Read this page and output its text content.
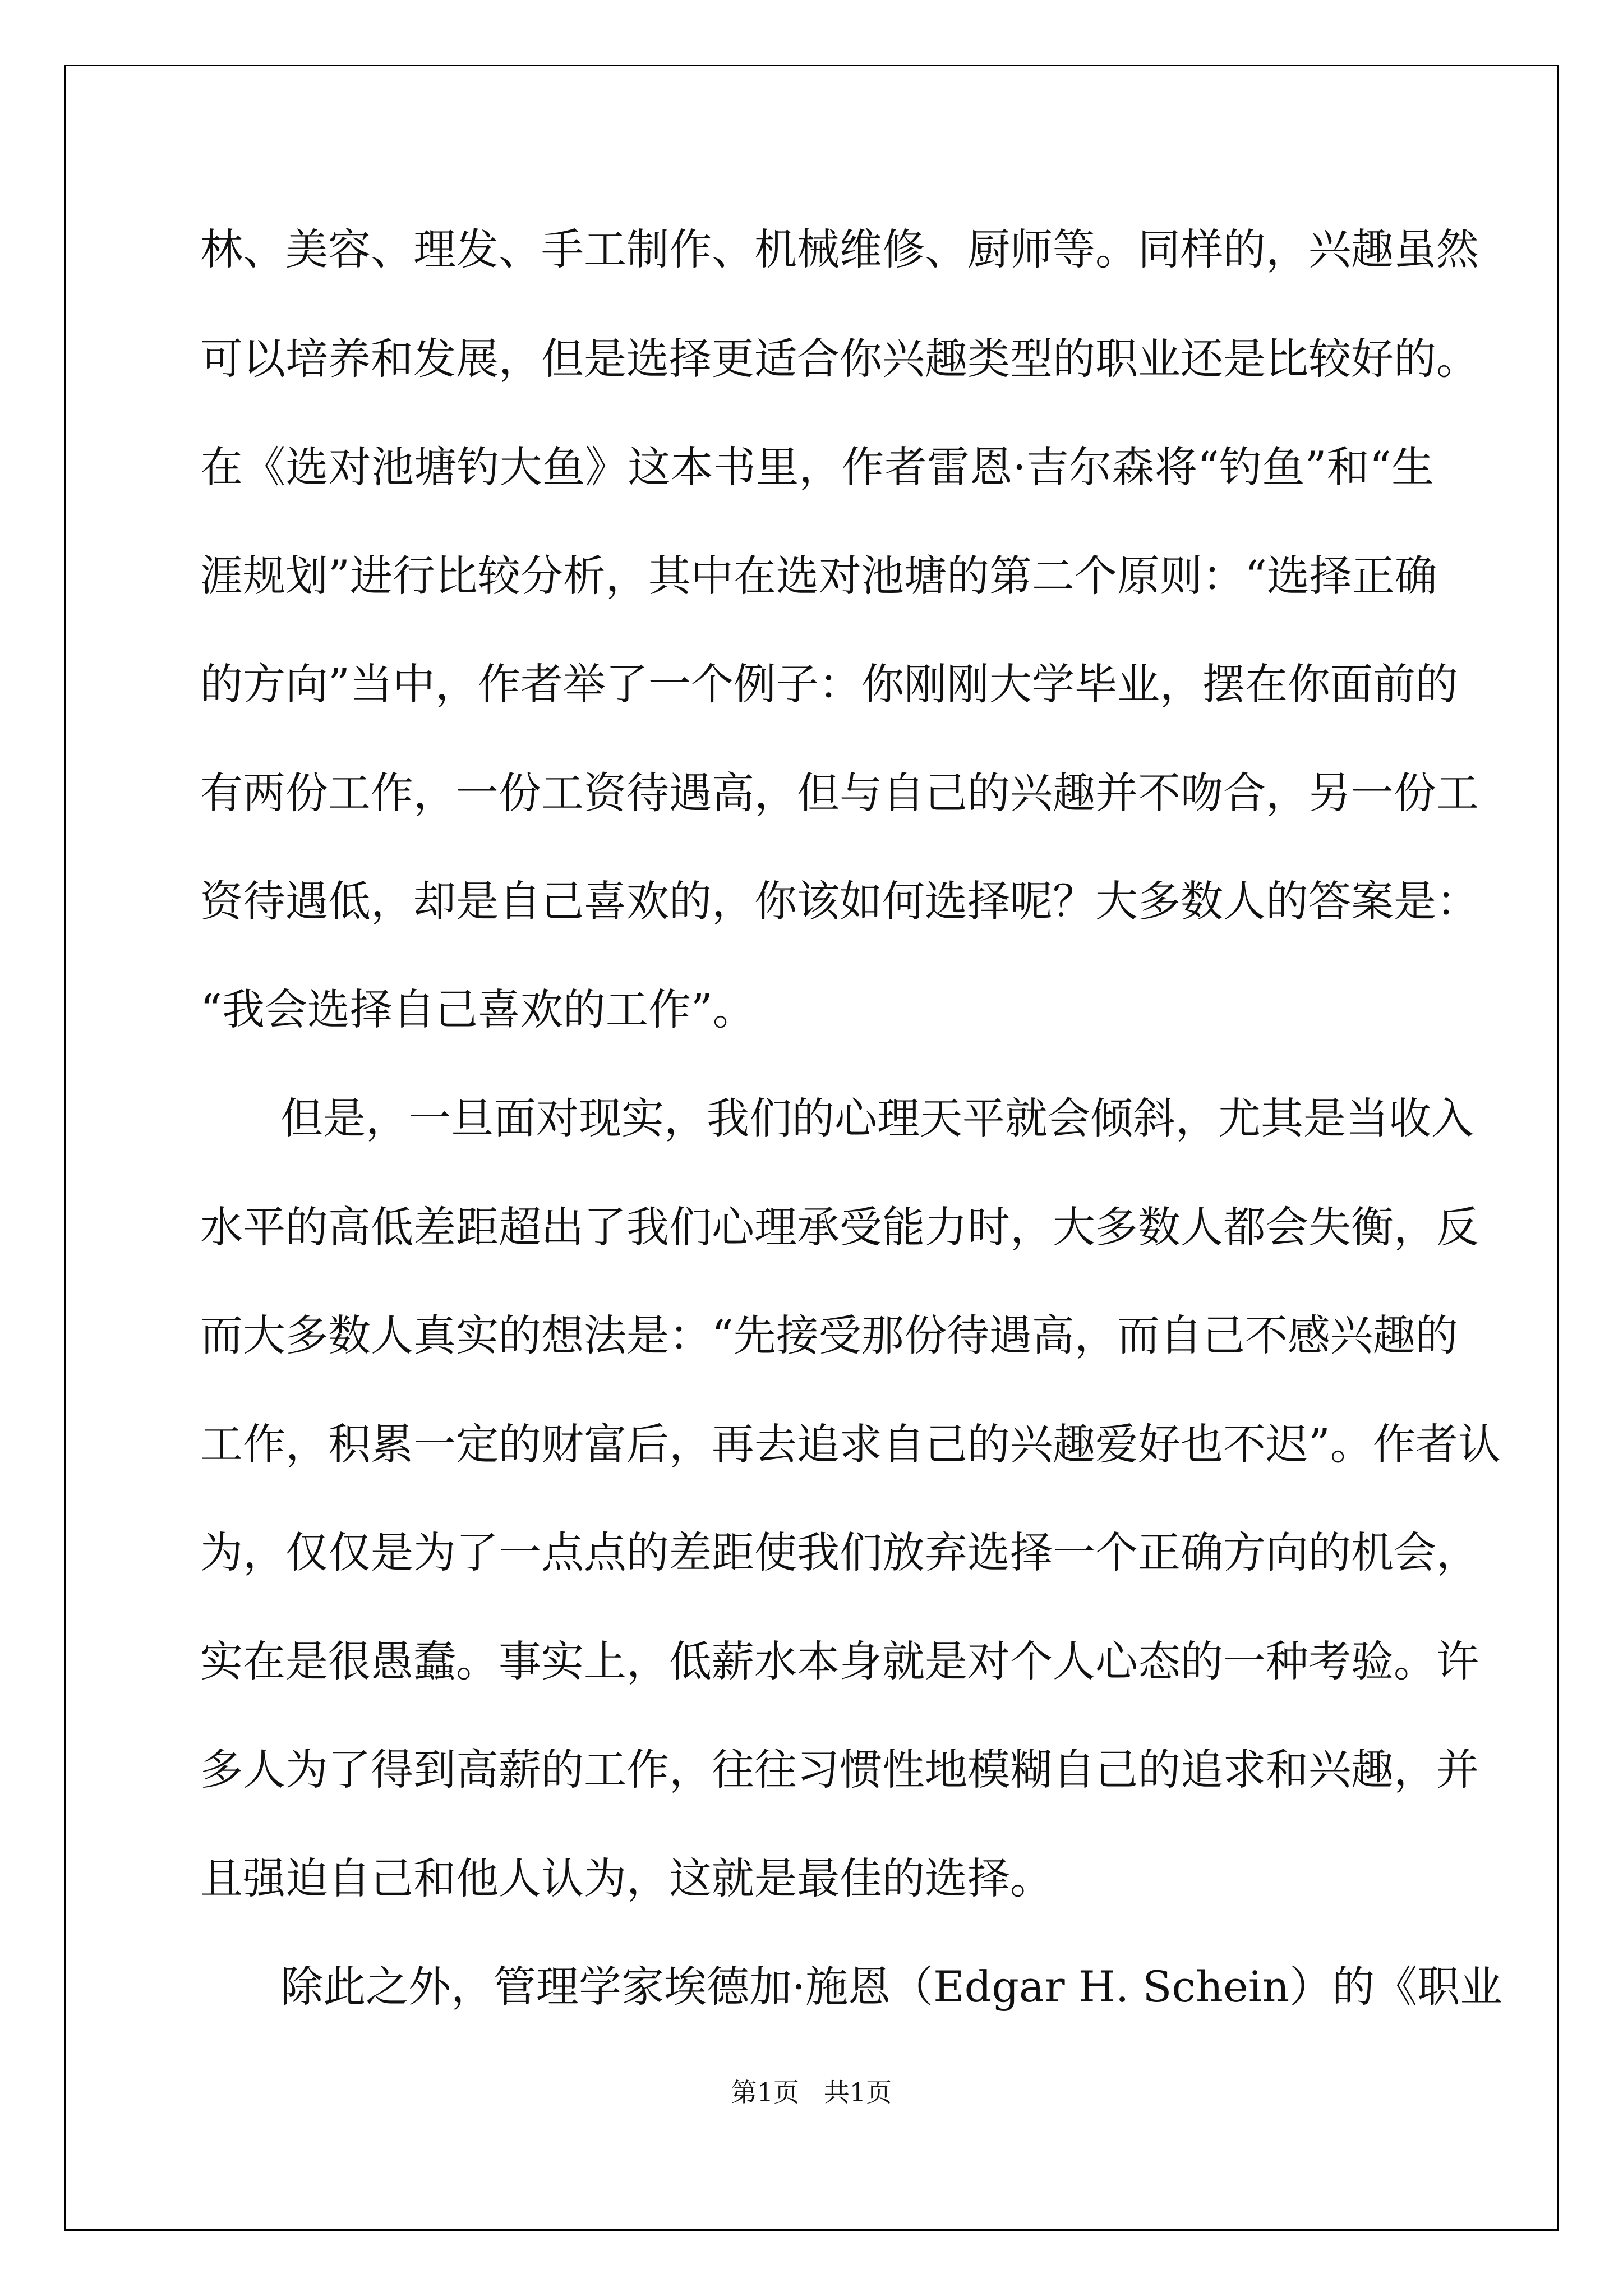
林、美容、理发、手工制作、机械维修、厨师等。同样的，兴趣虽然
可以培养和发展，但是选择更适合你兴趣类型的职业还是比较好的。
在《选对池塘钓大鱼》这本书里，作者雷恩·吉尔森将“钓鱼”和“生
涯规划”进行比较分析，其中在选对池塘的第二个原则：“选择正确
的方向”当中，作者举了一个例子：你刚刚大学毕业，摆在你面前的
有两份工作，一份工资待遇高，但与自己的兴趣并不吻合，另一份工
资待遇低，却是自己喜欢的，你该如何选择呢？大多数人的答案是：
“我会选择自己喜欢的工作”。
但是，一旦面对现实，我们的心理天平就会倾斜，尤其是当收入
水平的高低差距超出了我们心理承受能力时，大多数人都会失衡，反
而大多数人真实的想法是：“先接受那份待遇高，而自己不感兴趣的
工作，积累一定的财富后，再去追求自己的兴趣爱好也不迟”。作者认
为，仅仅是为了一点点的差距使我们放弃选择一个正确方向的机会，
实在是很愚蠢。事实上，低薪水本身就是对个人心态的一种考验。许
多人为了得到高薪的工作，往往习惯性地模糊自己的追求和兴趣，并
且强迫自己和他人认为，这就是最佳的选择。
除此之外，管理学家埃德加·施恩（Edgar H. Schein）的《职业
第1页   共1页
